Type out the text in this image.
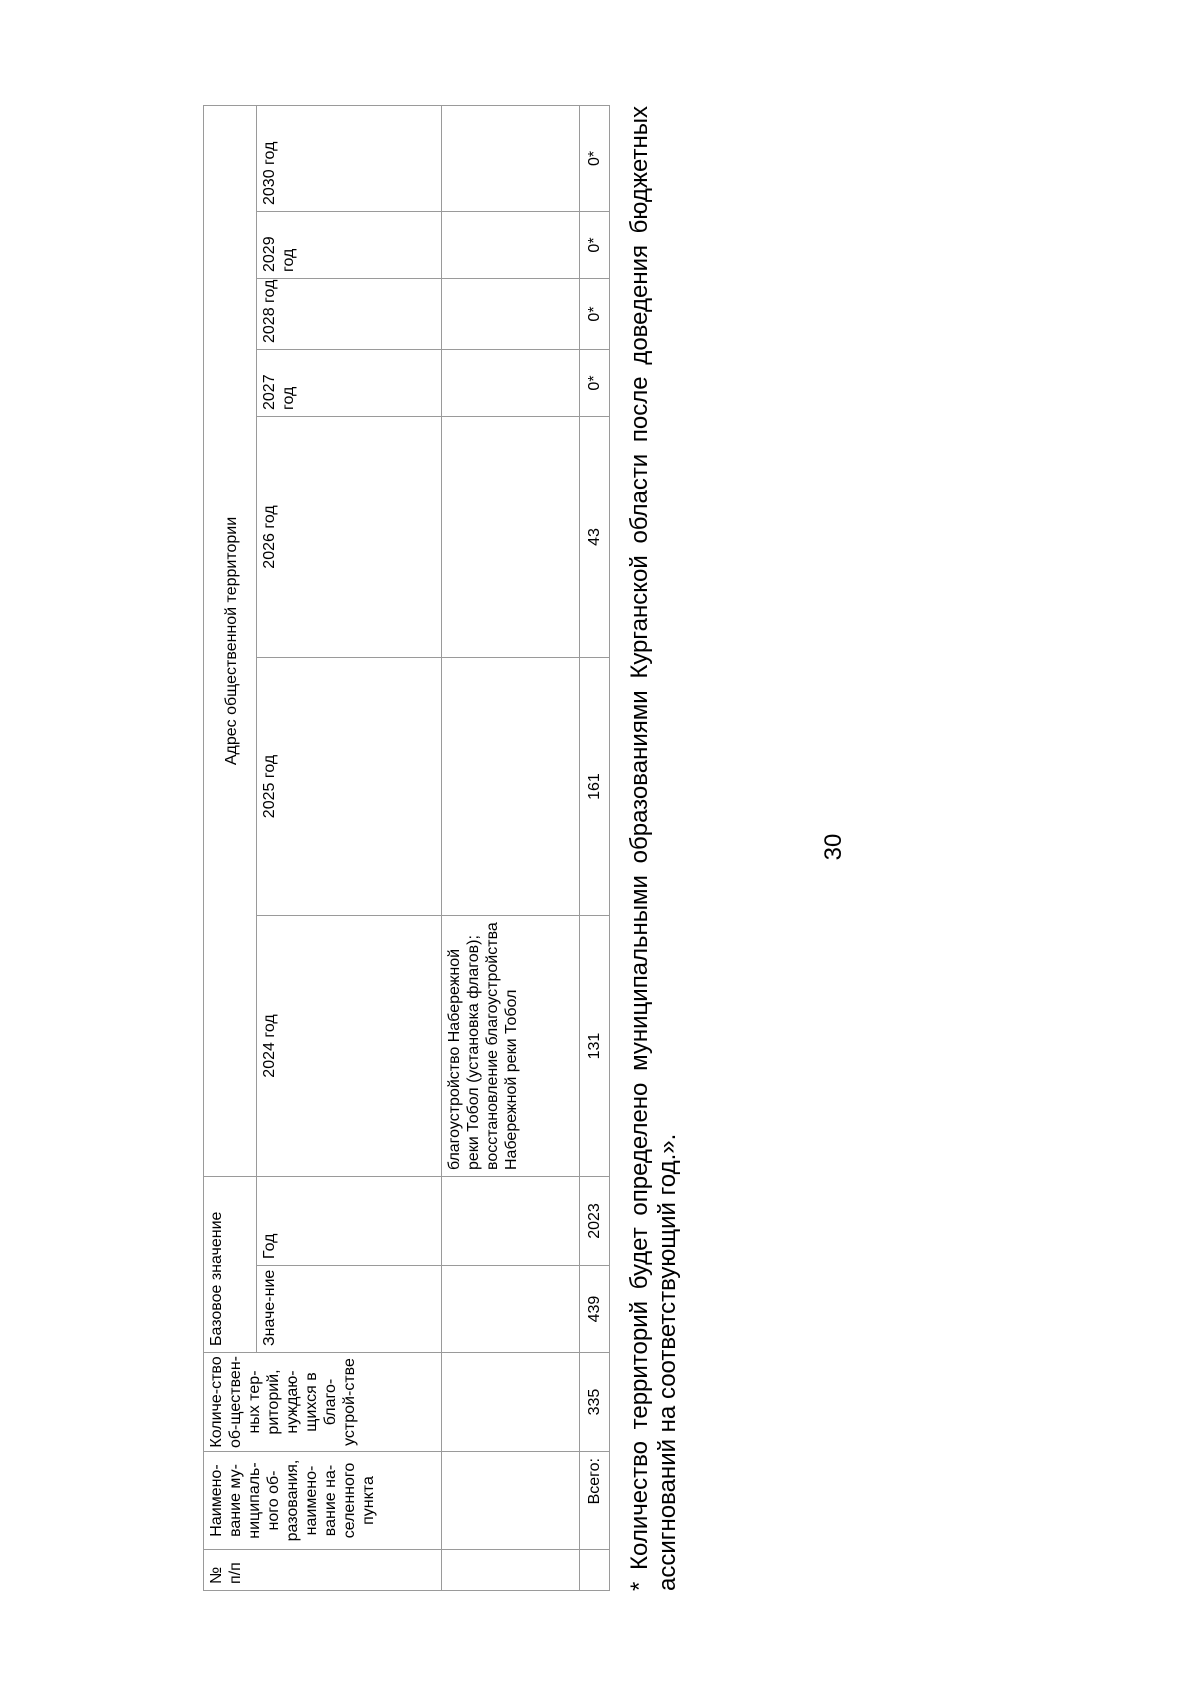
30
№ п/п	Наимено-вание му-ниципаль-ного об-разования, наимено-вание на-селенного пункта	Количе-ство об-ществен-ных тер-риторий, нуждаю-щихся в благо-устрой-стве	Базовое значение		Адрес общественной территории						
			Значе-ние	Год	2024 год	2025 год	2026 год	2027 год	2028 год	2029 год	2030 год
					благоустройство Набережной реки Тобол (установка флагов); восстановление благоустройства Набережной реки Тобол						
	Всего:	335	439	2023	131	161	43	0*	0*	0*	0* * Количество территорий будет определено муниципальными образованиями Курганской области после доведения бюджетных ассигнований на соответствующий год.».
